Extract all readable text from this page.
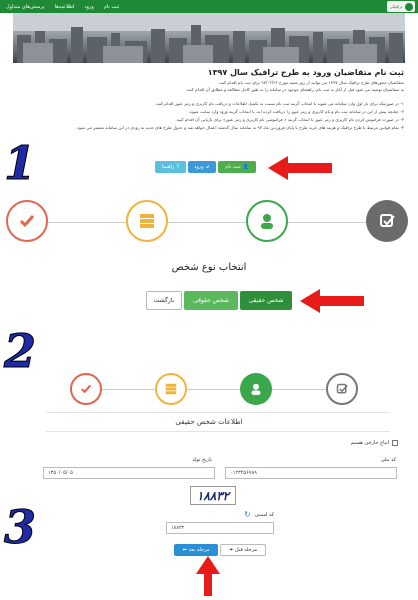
پرسش‌های متداول اطلاعیه‌ها ورود ثبت نام	ترافیکی
ثبت نام متقاضیان ورود به طرح ترافیک سال ۱۳۹۷
متقاضیان مجوزهای طرح ترافیک سال ۱۳۹۷ می توانند از روز شنبه مورخ ۹۷/۰۲/۲۶ برای ثبت نام اقدام کنند.
به متقاضیان توصیه می شود قبل از آغاز به ثبت نام، راهنمای موجود در سامانه را به طور کامل مطالعه و مطابق آن اقدام کنند.
۱- در صورتیکه برای بار اول وارد سامانه می شوید با انتخاب گزینه ثبت نام نسبت به تکمیل اطلاعات و دریافت نام کاربری و رمز عبور اقدام کنید.
۲- چنانچه پیش از این در سامانه ثبت نام و نام کاربری و رمز عبور را دریافت کرده اید، با انتخاب گزینه ورود وارد سایت شوید.
۳- در صورت فراموش کردن نام کاربری و رمز عبور با انتخاب گزینه « فراموشی نام کاربری و رمز عبور» برای بازیابی آن اقدام کنید.
۴- تمام قوانین مرتبط با طرح ترافیک و هزینه های خرید طرح با پایان فروردین ماه ۹۷ به سامانه سال گذشته اعمال خواهد شد و جدول طرح های جدید به زودی در این سامانه منتشر می شود.
👤
ثبت نام
↲
ورود
?
راهنما
1
انتخاب نوع شخص
شخص حقیقی
شخص حقوقی
بازگشت
2
اطلاعات شخص حقیقی
اتباع خارجی هستم
کد ملی
تاریخ تولد
۰۱۲۳۴۵۶۷۸۹
۱۳۵۰/۰۵/۰۵
۱۸۸۳۲
کد امنیتی
↻
۱۸۸۳۲
مرحله قبل
➔
مرحله بعد
⬅
3
